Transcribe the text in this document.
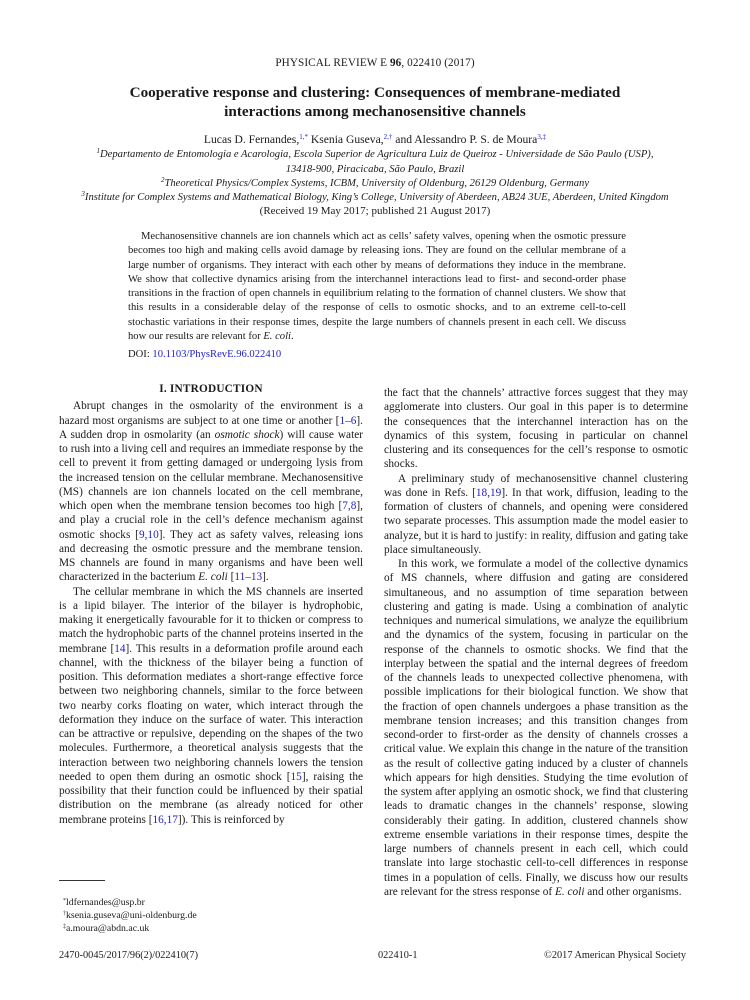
PHYSICAL REVIEW E 96, 022410 (2017)
Cooperative response and clustering: Consequences of membrane-mediated
interactions among mechanosensitive channels
Lucas D. Fernandes,$^{1,*}$ Ksenia Guseva,$^{2,\dagger}$ and Alessandro P. S. de Moura$^{3,\ddagger}$
$^1$Departamento de Entomologia e Acarologia, Escola Superior de Agricultura Luiz de Queiroz - Universidade de São Paulo (USP),
13418-900, Piracicaba, São Paulo, Brazil
$^2$Theoretical Physics/Complex Systems, ICBM, University of Oldenburg, 26129 Oldenburg, Germany
$^3$Institute for Complex Systems and Mathematical Biology, King’s College, University of Aberdeen, AB24 3UE, Aberdeen, United Kingdom
(Received 19 May 2017; published 21 August 2017)
Mechanosensitive channels are ion channels which act as cells’ safety valves, opening when the osmotic pressure becomes too high and making cells avoid damage by releasing ions. They are found on the cellular membrane of a large number of organisms. They interact with each other by means of deformations they induce in the membrane. We show that collective dynamics arising from the interchannel interactions lead to first- and second-order phase transitions in the fraction of open channels in equilibrium relating to the formation of channel clusters. We show that this results in a considerable delay of the response of cells to osmotic shocks, and to an extreme cell-to-cell stochastic variations in their response times, despite the large numbers of channels present in each cell. We discuss how our results are relevant for E. coli.
DOI: 10.1103/PhysRevE.96.022410
I. INTRODUCTION

Abrupt changes in the osmolarity of the environment is a hazard most organisms are subject to at one time or another [1–6]. A sudden drop in osmolarity (an osmotic shock) will cause water to rush into a living cell and requires an immediate response by the cell to prevent it from getting damaged or undergoing lysis from the increased tension on the cellular membrane. Mechanosensitive (MS) channels are ion channels located on the cell membrane, which open when the membrane tension becomes too high [7,8], and play a crucial role in the cell’s defence mechanism against osmotic shocks [9,10]. They act as safety valves, releasing ions and decreasing the osmotic pressure and the membrane tension. MS channels are found in many organisms and have been well characterized in the bacterium E. coli [11–13].

The cellular membrane in which the MS channels are inserted is a lipid bilayer. The interior of the bilayer is hydrophobic, making it energetically favourable for it to thicken or compress to match the hydrophobic parts of the channel proteins inserted in the membrane [14]. This results in a deformation profile around each channel, with the thickness of the bilayer being a function of position. This deformation mediates a short-range effective force between two neighboring channels, similar to the force between two nearby corks floating on water, which interact through the deformation they induce on the surface of water. This interaction can be attractive or repulsive, depending on the shapes of the two molecules. Furthermore, a theoretical analysis suggests that the interaction between two neighboring channels lowers the tension needed to open them during an osmotic shock [15], raising the possibility that their function could be influenced by their spatial distribution on the membrane (as already noticed for other membrane proteins [16,17]). This is reinforced by

the fact that the channels’ attractive forces suggest that they may agglomerate into clusters. Our goal in this paper is to determine the consequences that the interchannel interaction has on the dynamics of this system, focusing in particular on channel clustering and its consequences for the cell’s response to osmotic shocks.

A preliminary study of mechanosensitive channel clustering was done in Refs. [18,19]. In that work, diffusion, leading to the formation of clusters of channels, and opening were considered two separate processes. This assumption made the model easier to analyze, but it is hard to justify: in reality, diffusion and gating take place simultaneously.

In this work, we formulate a model of the collective dynamics of MS channels, where diffusion and gating are considered simultaneous, and no assumption of time separation between clustering and gating is made. Using a combination of analytic techniques and numerical simulations, we analyze the equilibrium and the dynamics of the system, focusing in particular on the response of the channels to osmotic shocks. We find that the interplay between the spatial and the internal degrees of freedom of the channels leads to unexpected collective phenomena, with possible implications for their biological function. We show that the fraction of open channels undergoes a phase transition as the membrane tension increases; and this transition changes from second-order to first-order as the density of channels crosses a critical value. We explain this change in the nature of the transition as the result of collective gating induced by a cluster of channels which appears for high densities. Studying the time evolution of the system after applying an osmotic shock, we find that clustering leads to dramatic changes in the channels’ response, slowing considerably their gating. In addition, clustered channels show extreme ensemble variations in their response times, despite the large numbers of channels present in each cell, which could translate into large stochastic cell-to-cell differences in response times in a population of cells. Finally, we discuss how our results are relevant for the stress response of E. coli and other organisms.

*ldfernandes@usp.br
†ksenia.guseva@uni-oldenburg.de
‡a.moura@abdn.ac.uk
2470-0045/2017/96(2)/022410(7)	022410-1	©2017 American Physical Society
